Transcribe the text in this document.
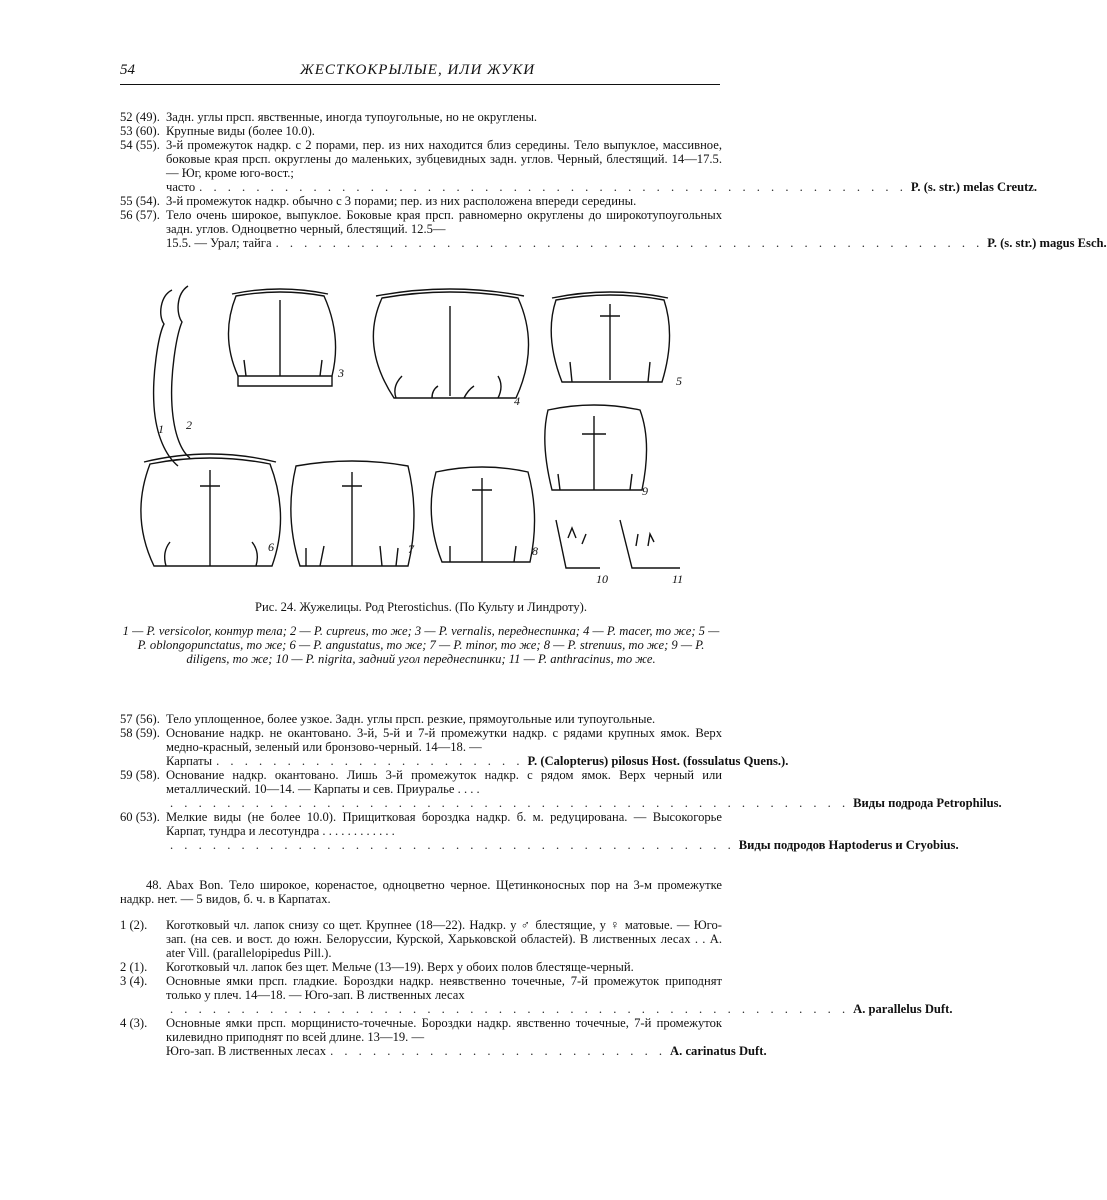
54	ЖЕСТКОКРЫЛЫЕ, ИЛИ ЖУКИ
52 (49). Задн. углы прсп. явственные, иногда тупоугольные, но не округлены.
53 (60). Крупные виды (более 10.0).
54 (55). 3-й промежуток надкр. с 2 порами, пер. из них находится близ середины. Тело выпуклое, массивное, боковые края прсп. округлены до маленьких, зубцевидных задн. углов. Черный, блестящий. 14—17.5. — Юг, кроме юго-вост.;
часто . . . . . . . . . . . . . . . . . . . . . . . . . . . . . . . . . . . . . . . . . . . . . . . . . . P. (s. str.) melas Creutz.
55 (54). 3-й промежуток надкр. обычно с 3 порами; пер. из них расположена впереди середины.
56 (57). Тело очень широкое, выпуклое. Боковые края прсп. равномерно округлены до широкотупоугольных задн. углов. Одноцветно черный, блестящий. 12.5—
15.5. — Урал; тайга . . . . . . . . . . . . . . . . . . . . . . . . . . . . . . . . . . . . . . . . . . . . . . . . . . P. (s. str.) magus Esch.
1 2
3
4
5
6	7	8
9
10	11
Рис. 24. Жужелицы. Род Pterostichus. (По Культу и Линдроту).
1 — P. versicolor, контур тела; 2 — P. cupreus, то же; 3 — P. vernalis, переднеспинка; 4 — P. macer, то же; 5 — P. oblongopunctatus, то же; 6 — P. angustatus, то же; 7 — P. minor, то же; 8 — P. strenuus, то же; 9 — P. diligens, то же; 10 — P. nigrita, задний угол переднеспинки; 11 — P. anthracinus, то же.
57 (56). Тело уплощенное, более узкое. Задн. углы прсп. резкие, прямоугольные или тупоугольные.
58 (59). Основание надкр. не окантовано. 3-й, 5-й и 7-й промежутки надкр. с рядами крупных ямок. Верх медно-красный, зеленый или бронзово-черный. 14—18. —
Карпаты . . . . . . . . . . . . . . . . . . . . . . P. (Calopterus) pilosus Host. (fossulatus Quens.).
59 (58). Основание надкр. окантовано. Лишь 3-й промежуток надкр. с рядом ямок. Верх черный или металлический. 10—14. — Карпаты и сев. Приуралье . . . .
. . . . . . . . . . . . . . . . . . . . . . . . . . . . . . . . . . . . . . . . . . . . . . . . Виды подрода Petrophilus.
60 (53). Мелкие виды (не более 10.0). Прищитковая бороздка надкр. б. м. редуцирована. — Высокогорье Карпат, тундра и лесотундра . . . . . . . . . . . .
. . . . . . . . . . . . . . . . . . . . . . . . . . . . . . . . . . . . . . . . Виды подродов Haptoderus и Cryobius.
48. Abax Bon. Тело широкое, коренастое, одноцветно черное. Щетинконосных пор на 3-м промежутке надкр. нет. — 5 видов, б. ч. в Карпатах.
1 (2). Коготковый чл. лапок снизу со щет. Крупнее (18—22). Надкр. у ♂ блестящие, у ♀ матовые. — Юго-зап. (на сев. и вост. до южн. Белоруссии, Курской, Харьковской областей). В лиственных лесах . . A. ater Vill. (parallelopipedus Pill.).
2 (1). Коготковый чл. лапок без щет. Мельче (13—19). Верх у обоих полов блестяще-черный.
3 (4). Основные ямки прсп. гладкие. Бороздки надкр. неявственно точечные, 7-й промежуток приподнят только у плеч. 14—18. — Юго-зап. В лиственных лесах
. . . . . . . . . . . . . . . . . . . . . . . . . . . . . . . . . . . . . . . . . . . . . . . . A. parallelus Duft.
4 (3). Основные ямки прсп. морщинисто-точечные. Бороздки надкр. явственно точечные, 7-й промежуток килевидно приподнят по всей длине. 13—19. —
Юго-зап. В лиственных лесах . . . . . . . . . . . . . . . . . . . . . . . . A. carinatus Duft.
